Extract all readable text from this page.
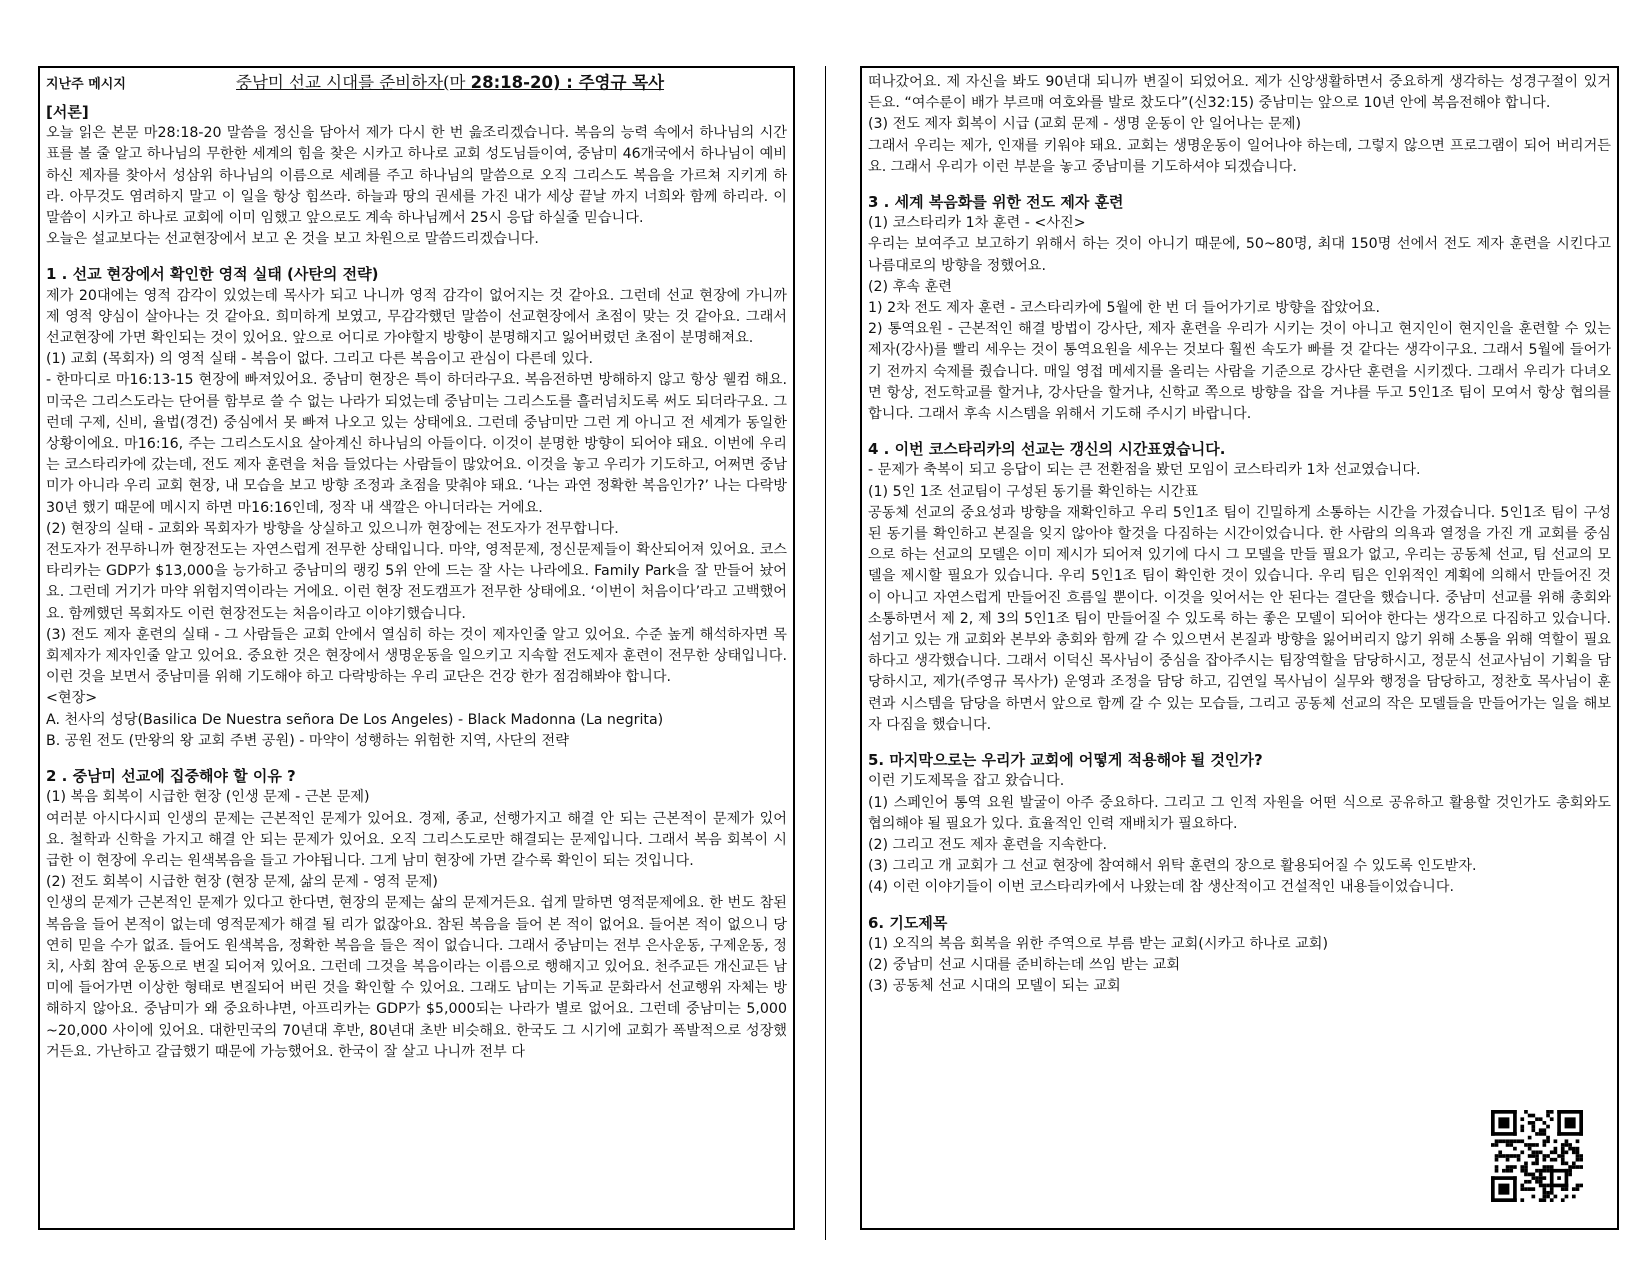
지난주 메시지	중남미 선교 시대를 준비하자(마 28:18-20) : 주영규 목사

[서론]

오늘 읽은 본문 마28:18-20 말씀을 정신을 담아서 제가 다시 한 번 읊조리겠습니다. 복음의 능력 속에서 하나님의 시간표를 볼 줄 알고 하나님의 무한한 세계의 힘을 찾은 시카고 하나로 교회 성도님들이여, 중남미 46개국에서 하나님이 예비하신 제자를 찾아서 성삼위 하나님의 이름으로 세례를 주고 하나님의 말씀으로 오직 그리스도 복음을 가르쳐 지키게 하라. 아무것도 염려하지 말고 이 일을 항상 힘쓰라. 하늘과 땅의 권세를 가진 내가 세상 끝날 까지 너희와 함께 하리라. 이 말씀이 시카고 하나로 교회에 이미 임했고 앞으로도 계속 하나님께서 25시 응답 하실줄 믿습니다.

오늘은 설교보다는 선교현장에서 보고 온 것을 보고 차원으로 말씀드리겠습니다.

1 . 선교 현장에서 확인한 영적 실태 (사탄의 전략)

제가 20대에는 영적 감각이 있었는데 목사가 되고 나니까 영적 감각이 없어지는 것 같아요. 그런데 선교 현장에 가니까 제 영적 양심이 살아나는 것 같아요. 희미하게 보였고, 무감각했던 말씀이 선교현장에서 초점이 맞는 것 같아요. 그래서 선교현장에 가면 확인되는 것이 있어요. 앞으로 어디로 가야할지 방향이 분명해지고 잃어버렸던 초점이 분명해져요.

(1) 교회 (목회자) 의 영적 실태 - 복음이 없다. 그리고 다른 복음이고 관심이 다른데 있다.

- 한마디로 마16:13-15 현장에 빠져있어요. 중남미 현장은 특이 하더라구요. 복음전하면 방해하지 않고 항상 웰컴 해요. 미국은 그리스도라는 단어를 함부로 쓸 수 없는 나라가 되었는데 중남미는 그리스도를 흘러넘치도록 써도 되더라구요. 그런데 구제, 신비, 율법(경건) 중심에서 못 빠져 나오고 있는 상태에요. 그런데 중남미만 그런 게 아니고 전 세계가 동일한 상황이에요. 마16:16, 주는 그리스도시요 살아계신 하나님의 아들이다. 이것이 분명한 방향이 되어야 돼요. 이번에 우리는 코스타리카에 갔는데, 전도 제자 훈련을 처음 들었다는 사람들이 많았어요. 이것을 놓고 우리가 기도하고, 어쩌면 중남미가 아니라 우리 교회 현장, 내 모습을 보고 방향 조정과 초점을 맞춰야 돼요. ‘나는 과연 정확한 복음인가?’ 나는 다락방 30년 했기 때문에 메시지 하면 마16:16인데, 정작 내 색깔은 아니더라는 거에요.

(2) 현장의 실태 - 교회와 목회자가 방향을 상실하고 있으니까 현장에는 전도자가 전무합니다.

전도자가 전무하니까 현장전도는 자연스럽게 전무한 상태입니다. 마약, 영적문제, 정신문제들이 확산되어져 있어요. 코스타리카는 GDP가 $13,000을 능가하고 중남미의 랭킹 5위 안에 드는 잘 사는 나라에요. Family Park을 잘 만들어 놨어요. 그런데 거기가 마약 위험지역이라는 거에요. 이런 현장 전도캠프가 전무한 상태에요. ‘이번이 처음이다’라고 고백했어요. 함께했던 목회자도 이런 현장전도는 처음이라고 이야기했습니다.

(3) 전도 제자 훈련의 실태 - 그 사람들은 교회 안에서 열심히 하는 것이 제자인줄 알고 있어요. 수준 높게 해석하자면 목회제자가 제자인줄 알고 있어요. 중요한 것은 현장에서 생명운동을 일으키고 지속할 전도제자 훈련이 전무한 상태입니다. 이런 것을 보면서 중남미를 위해 기도해야 하고 다락방하는 우리 교단은 건강 한가 점검해봐야 합니다.

<현장>

A. 천사의 성당(Basilica De Nuestra señora De Los Angeles) - Black Madonna (La negrita)

B. 공원 전도 (만왕의 왕 교회 주변 공원) - 마약이 성행하는 위험한 지역, 사단의 전략

2 . 중남미 선교에 집중해야 할 이유 ?

(1) 복음 회복이 시급한 현장 (인생 문제 - 근본 문제)

여러분 아시다시피 인생의 문제는 근본적인 문제가 있어요. 경제, 종교, 선행가지고 해결 안 되는 근본적이 문제가 있어요. 철학과 신학을 가지고 해결 안 되는 문제가 있어요. 오직 그리스도로만 해결되는 문제입니다. 그래서 복음 회복이 시급한 이 현장에 우리는 원색복음을 들고 가야됩니다. 그게 남미 현장에 가면 갈수록 확인이 되는 것입니다.

(2) 전도 회복이 시급한 현장 (현장 문제, 삶의 문제 - 영적 문제)

인생의 문제가 근본적인 문제가 있다고 한다면, 현장의 문제는 삶의 문제거든요. 쉽게 말하면 영적문제에요. 한 번도 참된 복음을 들어 본적이 없는데 영적문제가 해결 될 리가 없잖아요. 참된 복음을 들어 본 적이 없어요. 들어본 적이 없으니 당연히 믿을 수가 없죠. 들어도 원색복음, 정확한 복음을 들은 적이 없습니다. 그래서 중남미는 전부 은사운동, 구제운동, 정치, 사회 참여 운동으로 변질 되어져 있어요. 그런데 그것을 복음이라는 이름으로 행해지고 있어요. 천주교든 개신교든 남미에 들어가면 이상한 형태로 변질되어 버린 것을 확인할 수 있어요. 그래도 남미는 기독교 문화라서 선교행위 자체는 방해하지 않아요. 중남미가 왜 중요하냐면, 아프리카는 GDP가 $5,000되는 나라가 별로 없어요. 그런데 중남미는 5,000 ~20,000 사이에 있어요. 대한민국의 70년대 후반, 80년대 초반 비슷해요. 한국도 그 시기에 교회가 폭발적으로 성장했거든요. 가난하고 갈급했기 때문에 가능했어요. 한국이 잘 살고 나니까 전부 다

떠나갔어요. 제 자신을 봐도 90년대 되니까 변질이 되었어요. 제가 신앙생활하면서 중요하게 생각하는 성경구절이 있거든요. “여수룬이 배가 부르매 여호와를 발로 찼도다”(신32:15) 중남미는 앞으로 10년 안에 복음전해야 합니다.

(3) 전도 제자 회복이 시급 (교회 문제 - 생명 운동이 안 일어나는 문제)

그래서 우리는 제가, 인재를 키워야 돼요. 교회는 생명운동이 일어나야 하는데, 그렇지 않으면 프로그램이 되어 버리거든요. 그래서 우리가 이런 부분을 놓고 중남미를 기도하셔야 되겠습니다.

3 . 세계 복음화를 위한 전도 제자 훈련

(1) 코스타리카 1차 훈련 - <사진>

우리는 보여주고 보고하기 위해서 하는 것이 아니기 때문에, 50~80명, 최대 150명 선에서 전도 제자 훈련을 시킨다고 나름대로의 방향을 정했어요.

(2) 후속 훈련

1) 2차 전도 제자 훈련 - 코스타리카에 5월에 한 번 더 들어가기로 방향을 잡았어요.

2) 통역요원 - 근본적인 해결 방법이 강사단, 제자 훈련을 우리가 시키는 것이 아니고 현지인이 현지인을 훈련할 수 있는 제자(강사)를 빨리 세우는 것이 통역요원을 세우는 것보다 훨씬 속도가 빠를 것 같다는 생각이구요. 그래서 5월에 들어가기 전까지 숙제를 줬습니다. 매일 영접 메세지를 올리는 사람을 기준으로 강사단 훈련을 시키겠다. 그래서 우리가 다녀오면 항상, 전도학교를 할거냐, 강사단을 할거냐, 신학교 쪽으로 방향을 잡을 거냐를 두고 5인1조 팀이 모여서 항상 협의를 합니다. 그래서 후속 시스템을 위해서 기도해 주시기 바랍니다.

4 . 이번 코스타리카의 선교는 갱신의 시간표였습니다.

- 문제가 축복이 되고 응답이 되는 큰 전환점을 봤던 모임이 코스타리카 1차 선교였습니다.

(1) 5인 1조 선교팀이 구성된 동기를 확인하는 시간표

공동체 선교의 중요성과 방향을 재확인하고 우리 5인1조 팀이 긴밀하게 소통하는 시간을 가졌습니다. 5인1조 팀이 구성된 동기를 확인하고 본질을 잊지 않아야 할것을 다짐하는 시간이었습니다. 한 사람의 의욕과 열정을 가진 개 교회를 중심으로 하는 선교의 모델은 이미 제시가 되어져 있기에 다시 그 모델을 만들 필요가 없고, 우리는 공동체 선교, 팀 선교의 모델을 제시할 필요가 있습니다. 우리 5인1조 팀이 확인한 것이 있습니다. 우리 팀은 인위적인 계획에 의해서 만들어진 것이 아니고 자연스럽게 만들어진 흐름일 뿐이다. 이것을 잊어서는 안 된다는 결단을 했습니다. 중남미 선교를 위해 총회와 소통하면서 제 2, 제 3의 5인1조 팀이 만들어질 수 있도록 하는 좋은 모델이 되어야 한다는 생각으로 다짐하고 있습니다. 섬기고 있는 개 교회와 본부와 총회와 함께 갈 수 있으면서 본질과 방향을 잃어버리지 않기 위해 소통을 위해 역할이 필요하다고 생각했습니다. 그래서 이덕신 목사님이 중심을 잡아주시는 팀장역할을 담당하시고, 정문식 선교사님이 기획을 담당하시고, 제가(주영규 목사가) 운영과 조정을 담당 하고, 김연일 목사님이 실무와 행정을 담당하고, 정찬호 목사님이 훈련과 시스템을 담당을 하면서 앞으로 함께 갈 수 있는 모습들, 그리고 공동체 선교의 작은 모델들을 만들어가는 일을 해보자 다짐을 했습니다.

5. 마지막으로는 우리가 교회에 어떻게 적용해야 될 것인가?

이런 기도제목을 잡고 왔습니다.

(1) 스페인어 통역 요원 발굴이 아주 중요하다. 그리고 그 인적 자원을 어떤 식으로 공유하고 활용할 것인가도 총회와도 협의해야 될 필요가 있다. 효율적인 인력 재배치가 필요하다.

(2) 그리고 전도 제자 훈련을 지속한다.

(3) 그리고 개 교회가 그 선교 현장에 참여해서 위탁 훈련의 장으로 활용되어질 수 있도록 인도받자.

(4) 이런 이야기들이 이번 코스타리카에서 나왔는데 참 생산적이고 건설적인 내용들이었습니다.

6. 기도제목

(1) 오직의 복음 회복을 위한 주역으로 부름 받는 교회(시카고 하나로 교회)

(2) 중남미 선교 시대를 준비하는데 쓰임 받는 교회

(3) 공동체 선교 시대의 모델이 되는 교회
